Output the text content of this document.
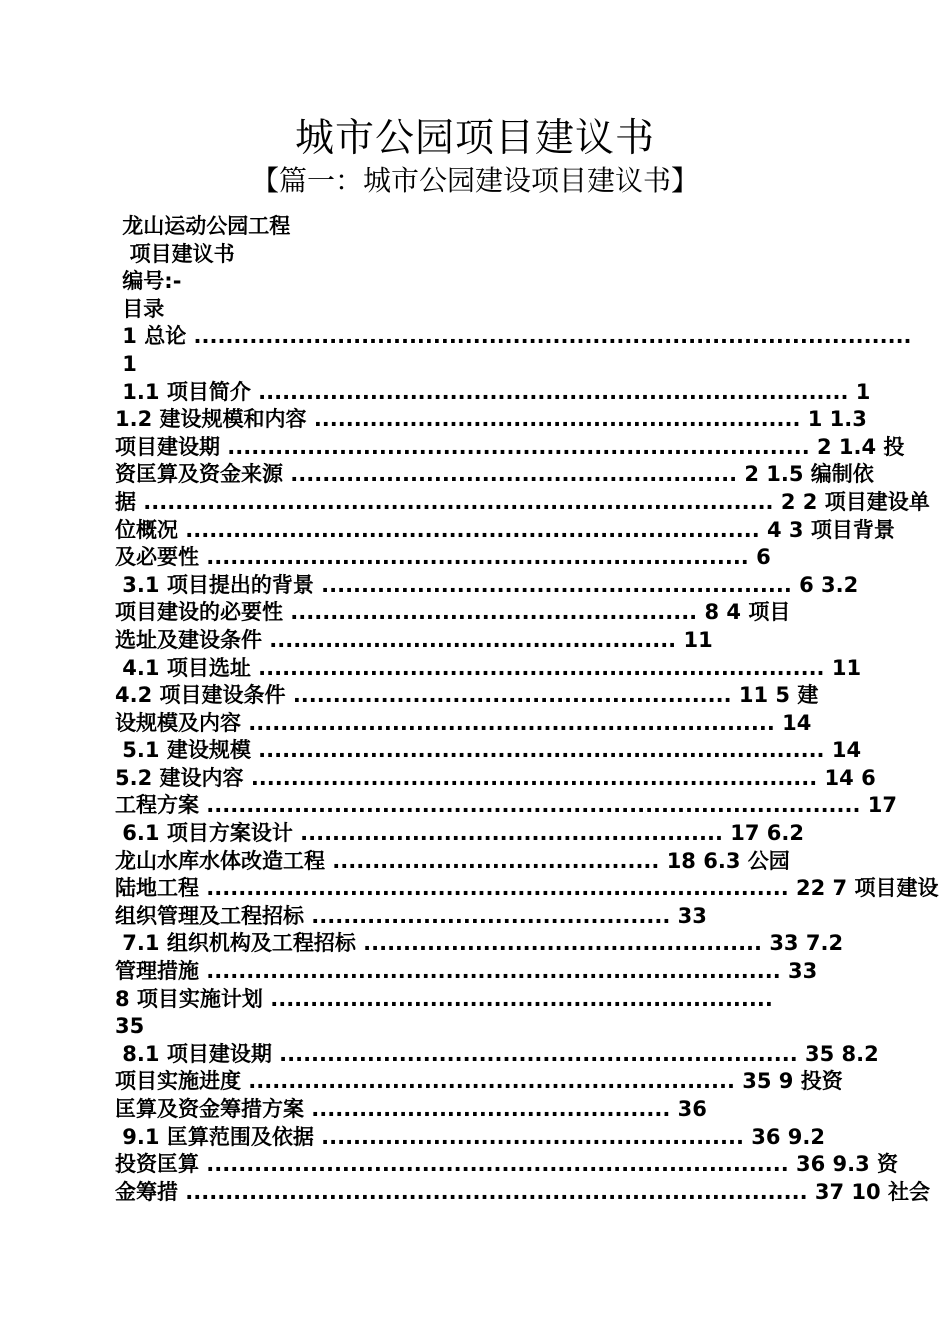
城市公园项目建议书
【篇一：城市公园建设项目建议书】
龙山运动公园工程
项目建议书
编号:-
目录
1 总论 ..........................................................................................
1
1.1 项目简介 .......................................................................... 1
1.2 建设规模和内容 ............................................................. 1 1.3
项目建设期 ......................................................................... 2 1.4 投
资匡算及资金来源 ........................................................ 2 1.5 编制依
据 ............................................................................... 2 2 项目建设单
位概况 ........................................................................ 4 3 项目背景
及必要性 .................................................................... 6
3.1 项目提出的背景 ........................................................... 6 3.2
项目建设的必要性 ................................................... 8 4 项目
选址及建设条件 ................................................... 11
4.1 项目选址 ....................................................................... 11
4.2 项目建设条件 ....................................................... 11 5 建
设规模及内容 .................................................................. 14
5.1 建设规模 ....................................................................... 14
5.2 建设内容 ....................................................................... 14 6
工程方案 .................................................................................. 17
6.1 项目方案设计 ..................................................... 17 6.2
龙山水库水体改造工程 ......................................... 18 6.3 公园
陆地工程 ......................................................................... 22 7 项目建设
组织管理及工程招标 ............................................. 33
7.1 组织机构及工程招标 .................................................. 33 7.2
管理措施 ........................................................................ 33
8 项目实施计划 ...............................................................
35
8.1 项目建设期 ................................................................. 35 8.2
项目实施进度 ............................................................. 35 9 投资
匡算及资金筹措方案 ............................................. 36
9.1 匡算范围及依据 ..................................................... 36 9.2
投资匡算 ......................................................................... 36 9.3 资
金筹措 .............................................................................. 37 10 社会
